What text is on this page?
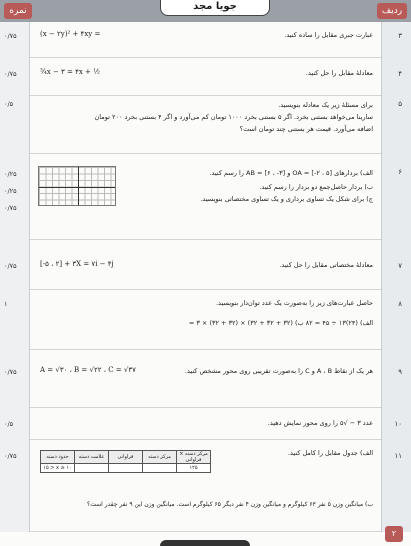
ردیف
نمره	جویا مجد
۳
۰/۷۵	عبارت جبری مقابل را ساده کنید.
(x − ۲y)² + ۴xy =
۴
۰/۷۵	معادلهٔ مقابل را حل کنید.
¾x − ۳ = ۴x + ½
۵
۰/۵	برای مسئلهٔ زیر یک معادله بنویسید.
سارینا می‌خواهد بستنی بخرد. اگر ۵ بستنی بخرد ۱۰۰۰ تومان کم می‌آورد و اگر ۴ بستنی بخرد ۲۰۰ تومان
اضافه می‌آورد. قیمت هر بستنی چند تومان است؟
۶
۰/۲۵
۰/۲۵
۰/۷۵
الف) بردارهای OA = [-۲ ، ۵] و AB = [۶ ، -۳] را رسم کنید.
ب) بردار حاصل‌جمع دو بردار را رسم کنید.
ج) برای شکل یک تساوی برداری و یک تساوی مختصاتی بنویسید.
۷
۰/۷۵	معادلهٔ مختصاتی مقابل را حل کنید.
[-۵ ، ۲] + ۳X = ۷i − ۴j
۸
۱	حاصل عبارت‌های زیر را به‌صورت یک عدد توان‌دار بنویسید.
الف) (۲۴)۱۳ ÷ ۴۵ = ۸۲ ب) (۳۲ + ۳۲ + ۳۲) × (۳۲ + ۳۲) × ۳ =
۹
۰/۷۵	هر یک از نقاط A ، B و C را به‌صورت تقریبی روی محور مشخص کنید.
A = √۳۰ ، B = √۲۲ ، C = √۳۷
۱۰
۰/۵	عدد ۳ − √۵ را روی محور نمایش دهید.
۱۱
۰/۷۵	الف) جدول مقابل را کامل کنید.
حدود دسته	علامت دسته	فراوانی	مرکز دسته	مرکز دسته × فراوانی
۱۵ > x ≥ ۱۰				۱۲۵
ب) میانگین وزن ۵ نفر ۶۳ کیلوگرم و میانگین وزن ۴ نفر دیگر ۶۵ کیلوگرم است. میانگین وزن این ۹ نفر چقدر است؟
۲
